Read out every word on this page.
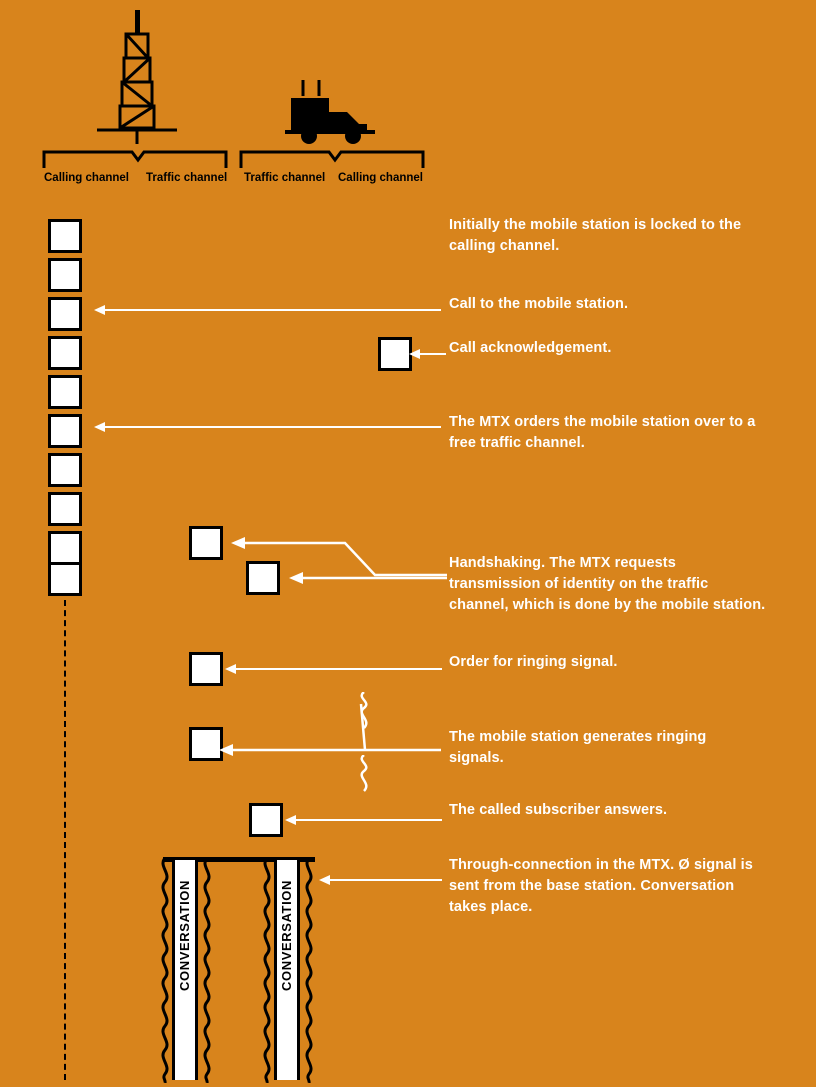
Calling channel Traffic channel Traffic channel Calling channel
Initially the mobile station is locked to the calling channel.
Call to the mobile station.
Call acknowledgement.
The MTX orders the mobile station over to a free traffic channel.
Handshaking. The MTX requests transmission of identity on the traffic channel, which is done by the mobile station.
Order for ringing signal.
The mobile station generates ringing signals.
The called subscriber answers.
Through-connection in the MTX. Ø signal is sent from the base station. Conversation takes place.
CONVERSATION	CONVERSATION
